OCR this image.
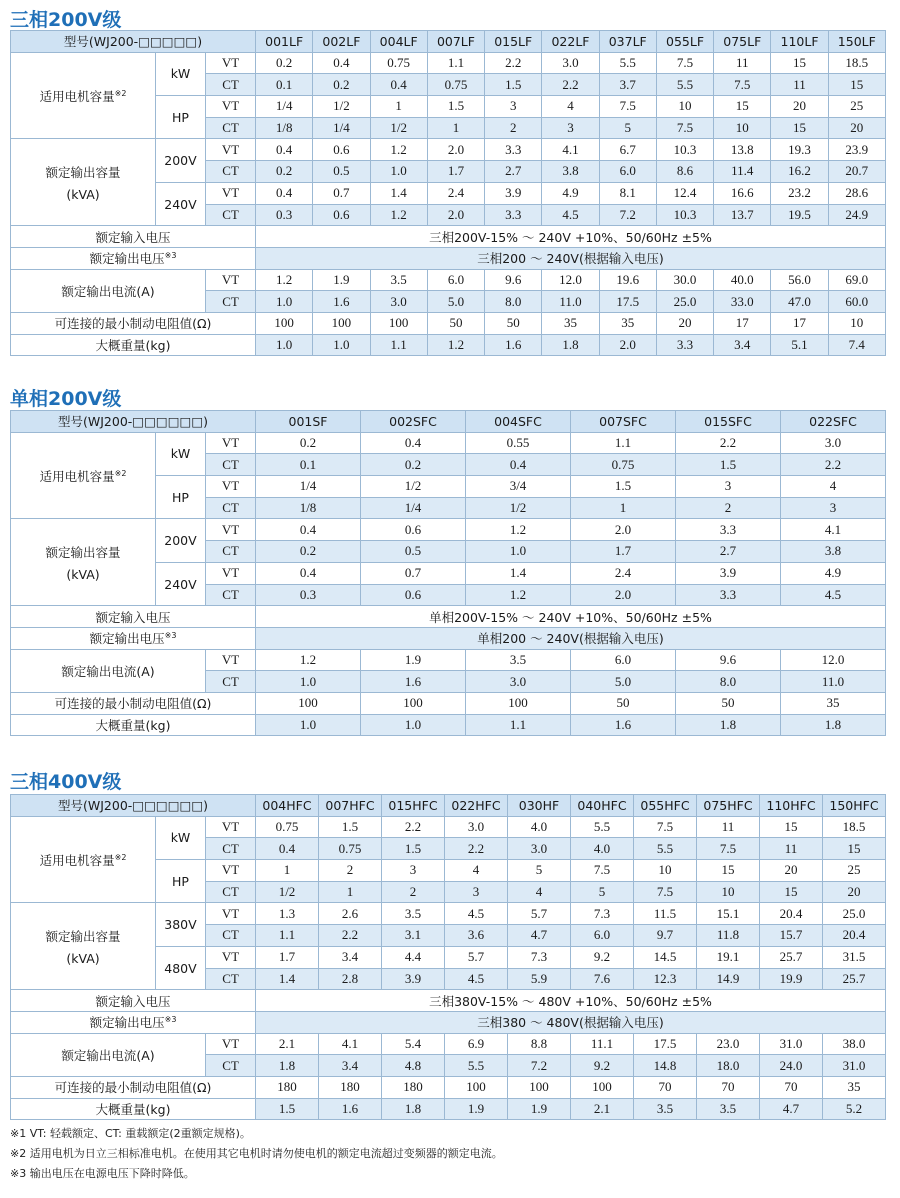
三相200V级
型号(WJ200-□□□□□)			001LF	002LF	004LF	007LF	015LF	022LF	037LF	055LF	075LF	110LF	150LF
适用电机容量$^{※2}$	kW	VT	0.2	0.4	0.75	1.1	2.2	3.0	5.5	7.5	11	15	18.5
		CT	0.1	0.2	0.4	0.75	1.5	2.2	3.7	5.5	7.5	11	15
	HP	VT	1/4	1/2	1	1.5	3	4	7.5	10	15	20	25
		CT	1/8	1/4	1/2	1	2	3	5	7.5	10	15	20

额定输出容量
(kVA)	200V	VT	0.4	0.6	1.2	2.0	3.3	4.1	6.7	10.3	13.8	19.3	23.9
		CT	0.2	0.5	1.0	1.7	2.7	3.8	6.0	8.6	11.4	16.2	20.7
	240V	VT	0.4	0.7	1.4	2.4	3.9	4.9	8.1	12.4	16.6	23.2	28.6
		CT	0.3	0.6	1.2	2.0	3.3	4.5	7.2	10.3	13.7	19.5	24.9
额定输入电压			三相200V-15% ～ 240V +10%、50/60Hz ±5%										
额定输出电压$^{※3}$			三相200 ～ 240V(根据输入电压)										
额定输出电流(A)		VT	1.2	1.9	3.5	6.0	9.6	12.0	19.6	30.0	40.0	56.0	69.0
		CT	1.0	1.6	3.0	5.0	8.0	11.0	17.5	25.0	33.0	47.0	60.0
可连接的最小制动电阻值(Ω)			100	100	100	50	50	35	35	20	17	17	10
大概重量(kg)			1.0	1.0	1.1	1.2	1.6	1.8	2.0	3.3	3.4	5.1	7.4
单相200V级
型号(WJ200-□□□□□□)			001SF	002SFC	004SFC	007SFC	015SFC	022SFC
适用电机容量$^{※2}$	kW	VT	0.2	0.4	0.55	1.1	2.2	3.0
		CT	0.1	0.2	0.4	0.75	1.5	2.2
	HP	VT	1/4	1/2	3/4	1.5	3	4
		CT	1/8	1/4	1/2	1	2	3

额定输出容量
(kVA)	200V	VT	0.4	0.6	1.2	2.0	3.3	4.1
		CT	0.2	0.5	1.0	1.7	2.7	3.8
	240V	VT	0.4	0.7	1.4	2.4	3.9	4.9
		CT	0.3	0.6	1.2	2.0	3.3	4.5
额定输入电压			单相200V-15% ～ 240V +10%、50/60Hz ±5%					
额定输出电压$^{※3}$			单相200 ～ 240V(根据输入电压)					
额定输出电流(A)		VT	1.2	1.9	3.5	6.0	9.6	12.0
		CT	1.0	1.6	3.0	5.0	8.0	11.0
可连接的最小制动电阻值(Ω)			100	100	100	50	50	35
大概重量(kg)			1.0	1.0	1.1	1.6	1.8	1.8
三相400V级
型号(WJ200-□□□□□□)			004HFC	007HFC	015HFC	022HFC	030HF	040HFC	055HFC	075HFC	110HFC	150HFC
适用电机容量$^{※2}$	kW	VT	0.75	1.5	2.2	3.0	4.0	5.5	7.5	11	15	18.5
		CT	0.4	0.75	1.5	2.2	3.0	4.0	5.5	7.5	11	15
	HP	VT	1	2	3	4	5	7.5	10	15	20	25
		CT	1/2	1	2	3	4	5	7.5	10	15	20

额定输出容量
(kVA)	380V	VT	1.3	2.6	3.5	4.5	5.7	7.3	11.5	15.1	20.4	25.0
		CT	1.1	2.2	3.1	3.6	4.7	6.0	9.7	11.8	15.7	20.4
	480V	VT	1.7	3.4	4.4	5.7	7.3	9.2	14.5	19.1	25.7	31.5
		CT	1.4	2.8	3.9	4.5	5.9	7.6	12.3	14.9	19.9	25.7
额定输入电压			三相380V-15% ～ 480V +10%、50/60Hz ±5%									
额定输出电压$^{※3}$			三相380 ～ 480V(根据输入电压)									
额定输出电流(A)		VT	2.1	4.1	5.4	6.9	8.8	11.1	17.5	23.0	31.0	38.0
		CT	1.8	3.4	4.8	5.5	7.2	9.2	14.8	18.0	24.0	31.0
可连接的最小制动电阻值(Ω)			180	180	180	100	100	100	70	70	70	35
大概重量(kg)			1.5	1.6	1.8	1.9	1.9	2.1	3.5	3.5	4.7	5.2
※1 VT: 轻载额定、CT: 重载额定(2重额定规格)。
※2 适用电机为日立三相标准电机。在使用其它电机时请勿使电机的额定电流超过变频器的额定电流。
※3 输出电压在电源电压下降时降低。
